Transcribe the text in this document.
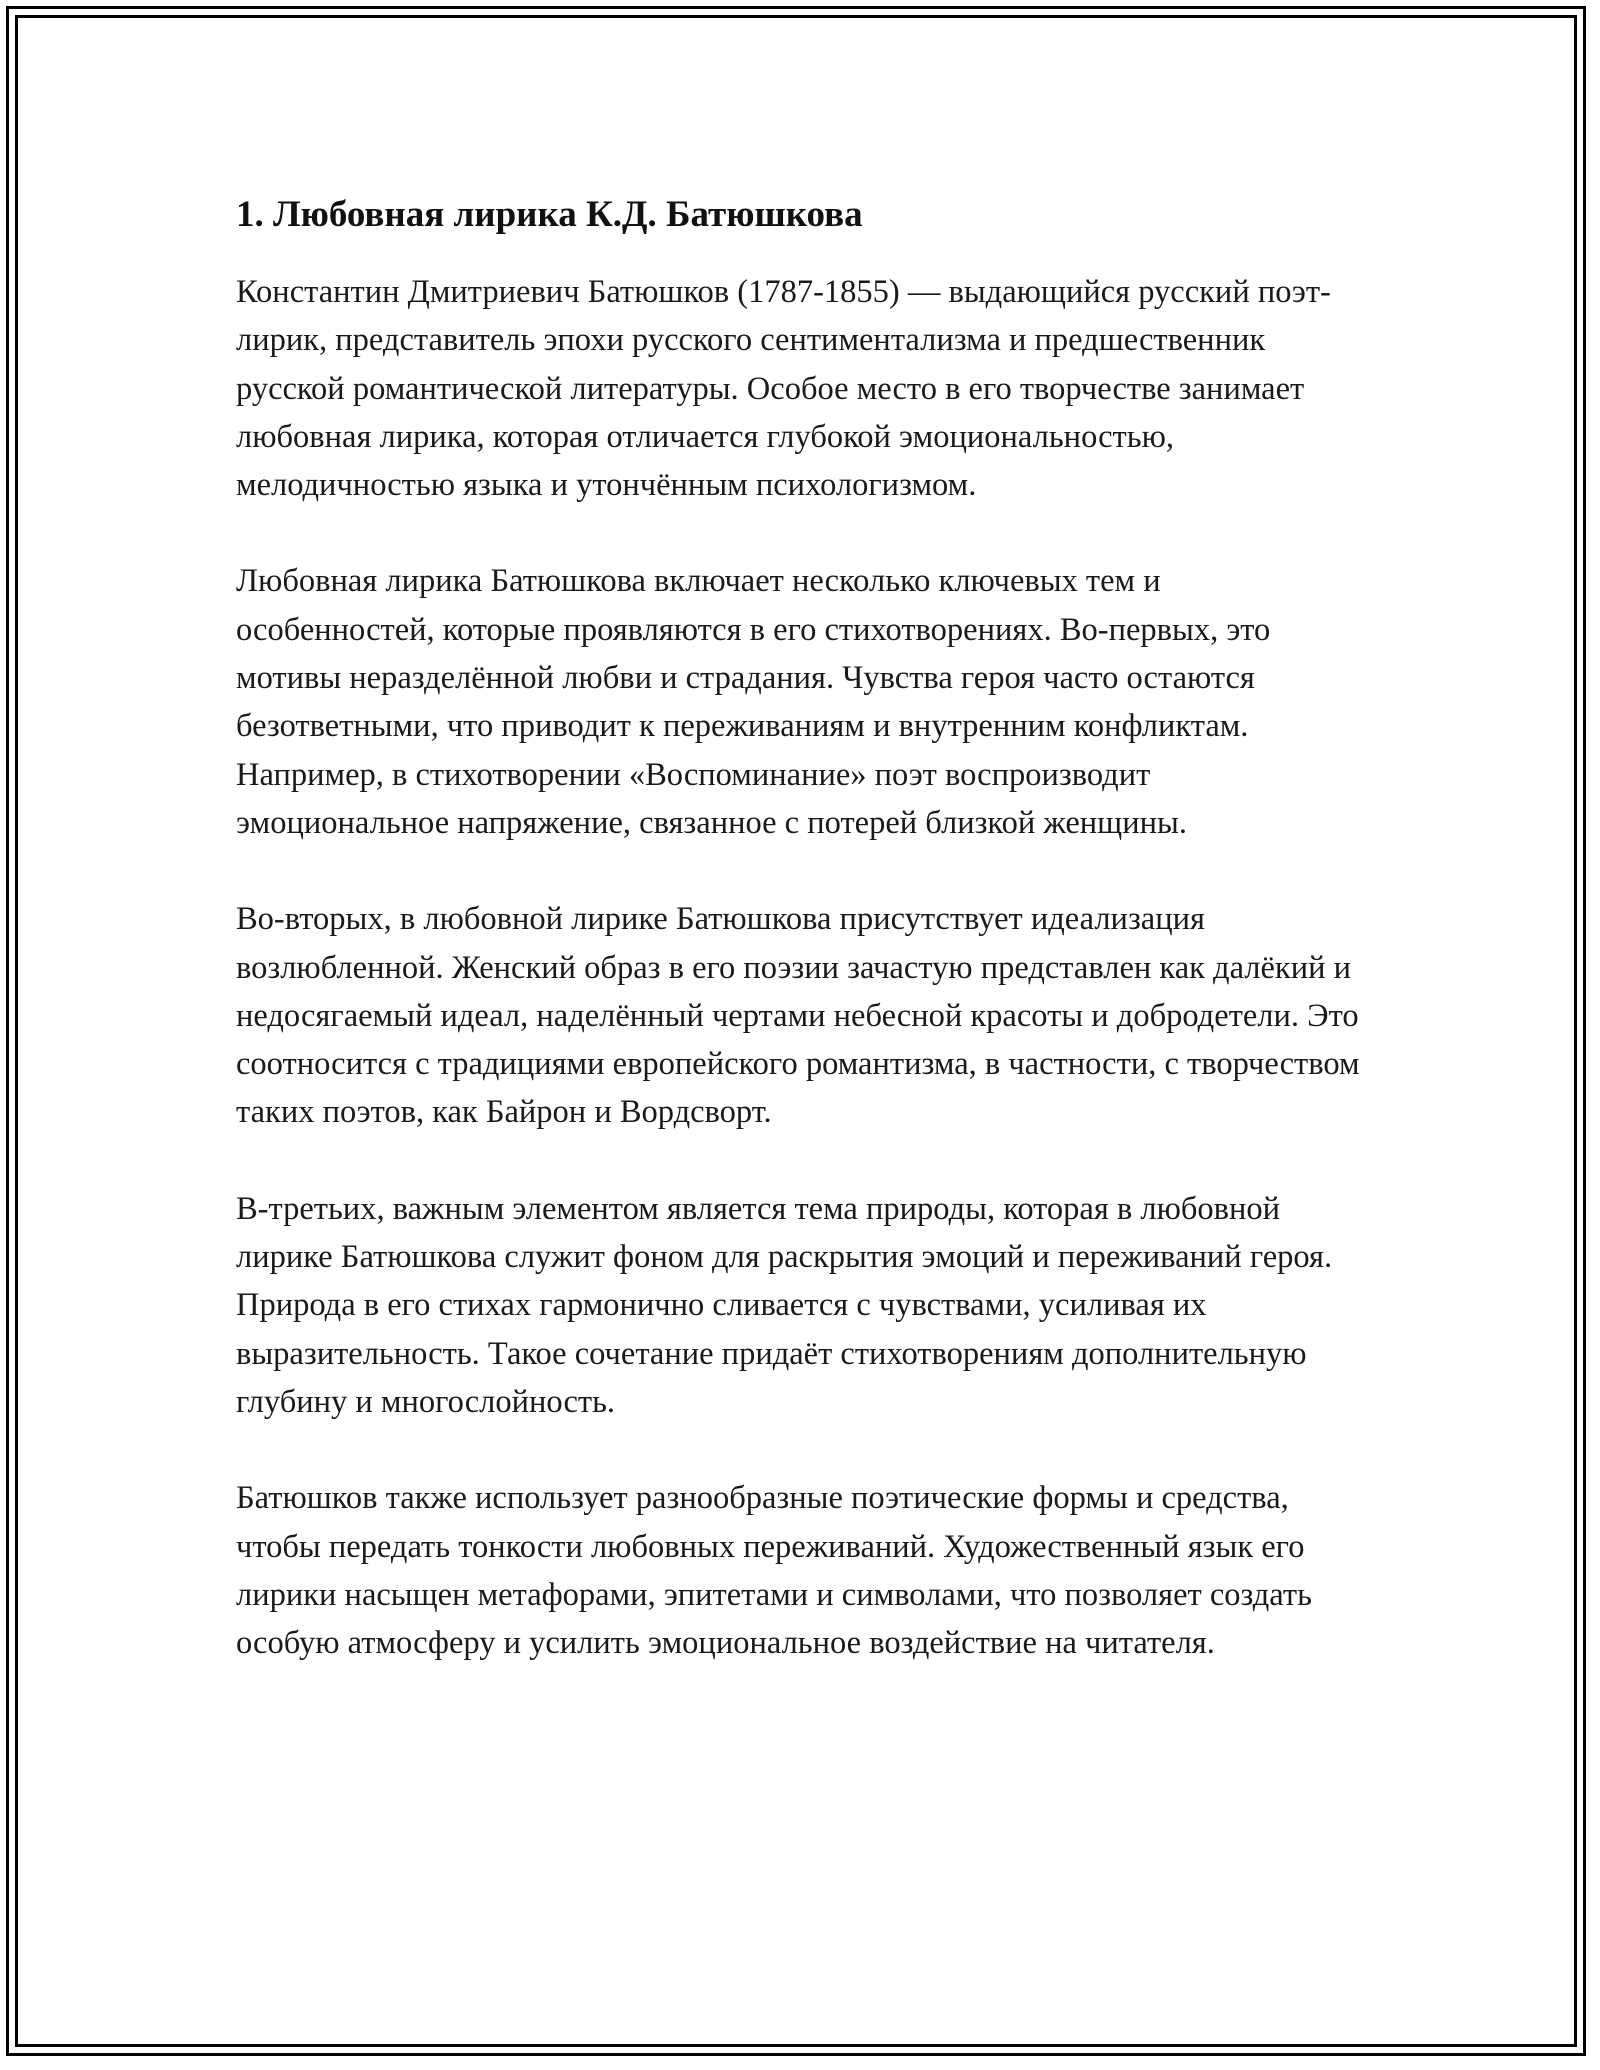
1. Любовная лирика К.Д. Батюшкова

Константин Дмитриевич Батюшков (1787-1855) — выдающийся русский поэт-лирик, представитель эпохи русского сентиментализма и предшественник русской романтической литературы. Особое место в его творчестве занимает любовная лирика, которая отличается глубокой эмоциональностью, мелодичностью языка и утончённым психологизмом.

Любовная лирика Батюшкова включает несколько ключевых тем и особенностей, которые проявляются в его стихотворениях. Во-первых, это мотивы неразделённой любви и страдания. Чувства героя часто остаются безответными, что приводит к переживаниям и внутренним конфликтам. Например, в стихотворении «Воспоминание» поэт воспроизводит эмоциональное напряжение, связанное с потерей близкой женщины.

Во-вторых, в любовной лирике Батюшкова присутствует идеализация возлюбленной. Женский образ в его поэзии зачастую представлен как далёкий и недосягаемый идеал, наделённый чертами небесной красоты и добродетели. Это соотносится с традициями европейского романтизма, в частности, с творчеством таких поэтов, как Байрон и Вордсворт.

В-третьих, важным элементом является тема природы, которая в любовной лирике Батюшкова служит фоном для раскрытия эмоций и переживаний героя. Природа в его стихах гармонично сливается с чувствами, усиливая их выразительность. Такое сочетание придаёт стихотворениям дополнительную глубину и многослойность.

Батюшков также использует разнообразные поэтические формы и средства, чтобы передать тонкости любовных переживаний. Художественный язык его лирики насыщен метафорами, эпитетами и символами, что позволяет создать особую атмосферу и усилить эмоциональное воздействие на читателя.
